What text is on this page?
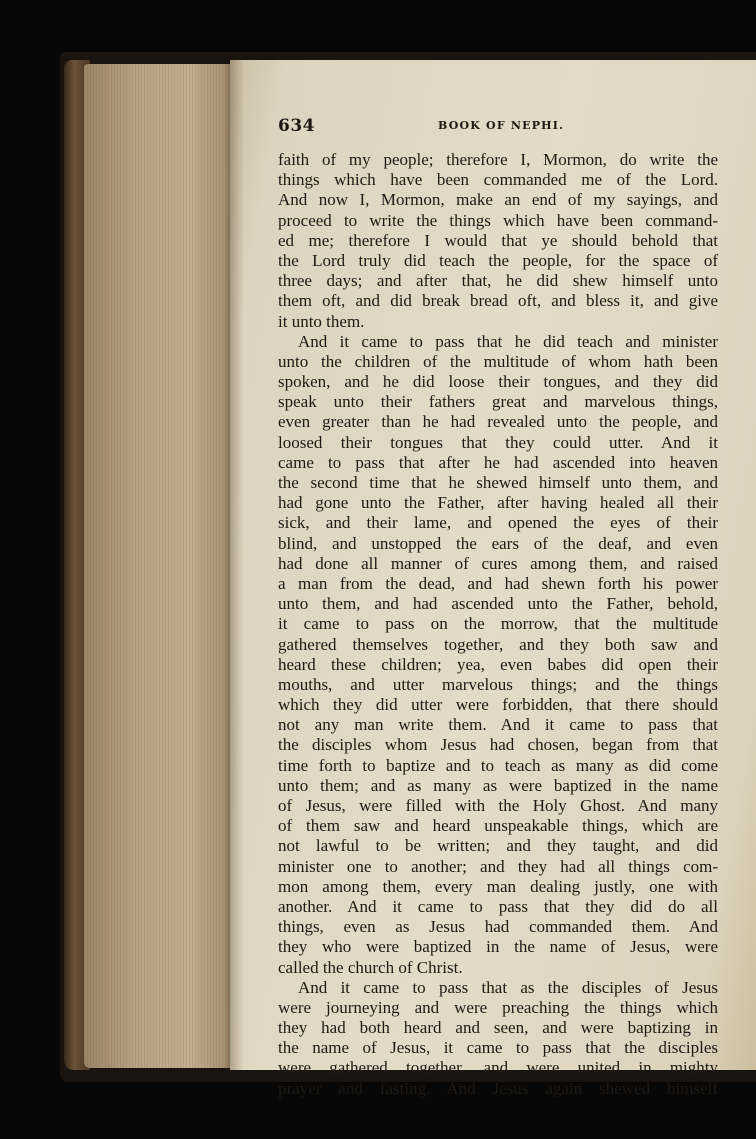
634	BOOK OF NEPHI.
faith of my people; therefore I, Mormon, do write the
things which have been commanded me of the Lord.
And now I, Mormon, make an end of my sayings, and
proceed to write the things which have been command-
ed me; therefore I would that ye should behold that
the Lord truly did teach the people, for the space of
three days; and after that, he did shew himself unto
them oft, and did break bread oft, and bless it, and give
it unto them.
And it came to pass that he did teach and minister
unto the children of the multitude of whom hath been
spoken, and he did loose their tongues, and they did
speak unto their fathers great and marvelous things,
even greater than he had revealed unto the people, and
loosed their tongues that they could utter. And it
came to pass that after he had ascended into heaven
the second time that he shewed himself unto them, and
had gone unto the Father, after having healed all their
sick, and their lame, and opened the eyes of their
blind, and unstopped the ears of the deaf, and even
had done all manner of cures among them, and raised
a man from the dead, and had shewn forth his power
unto them, and had ascended unto the Father, behold,
it came to pass on the morrow, that the multitude
gathered themselves together, and they both saw and
heard these children; yea, even babes did open their
mouths, and utter marvelous things; and the things
which they did utter were forbidden, that there should
not any man write them. And it came to pass that
the disciples whom Jesus had chosen, began from that
time forth to baptize and to teach as many as did come
unto them; and as many as were baptized in the name
of Jesus, were filled with the Holy Ghost. And many
of them saw and heard unspeakable things, which are
not lawful to be written; and they taught, and did
minister one to another; and they had all things com-
mon among them, every man dealing justly, one with
another. And it came to pass that they did do all
things, even as Jesus had commanded them. And
they who were baptized in the name of Jesus, were
called the church of Christ.
And it came to pass that as the disciples of Jesus
were journeying and were preaching the things which
they had both heard and seen, and were baptizing in
the name of Jesus, it came to pass that the disciples
were gathered together, and were united in mighty
prayer and fasting. And Jesus again shewed himself
